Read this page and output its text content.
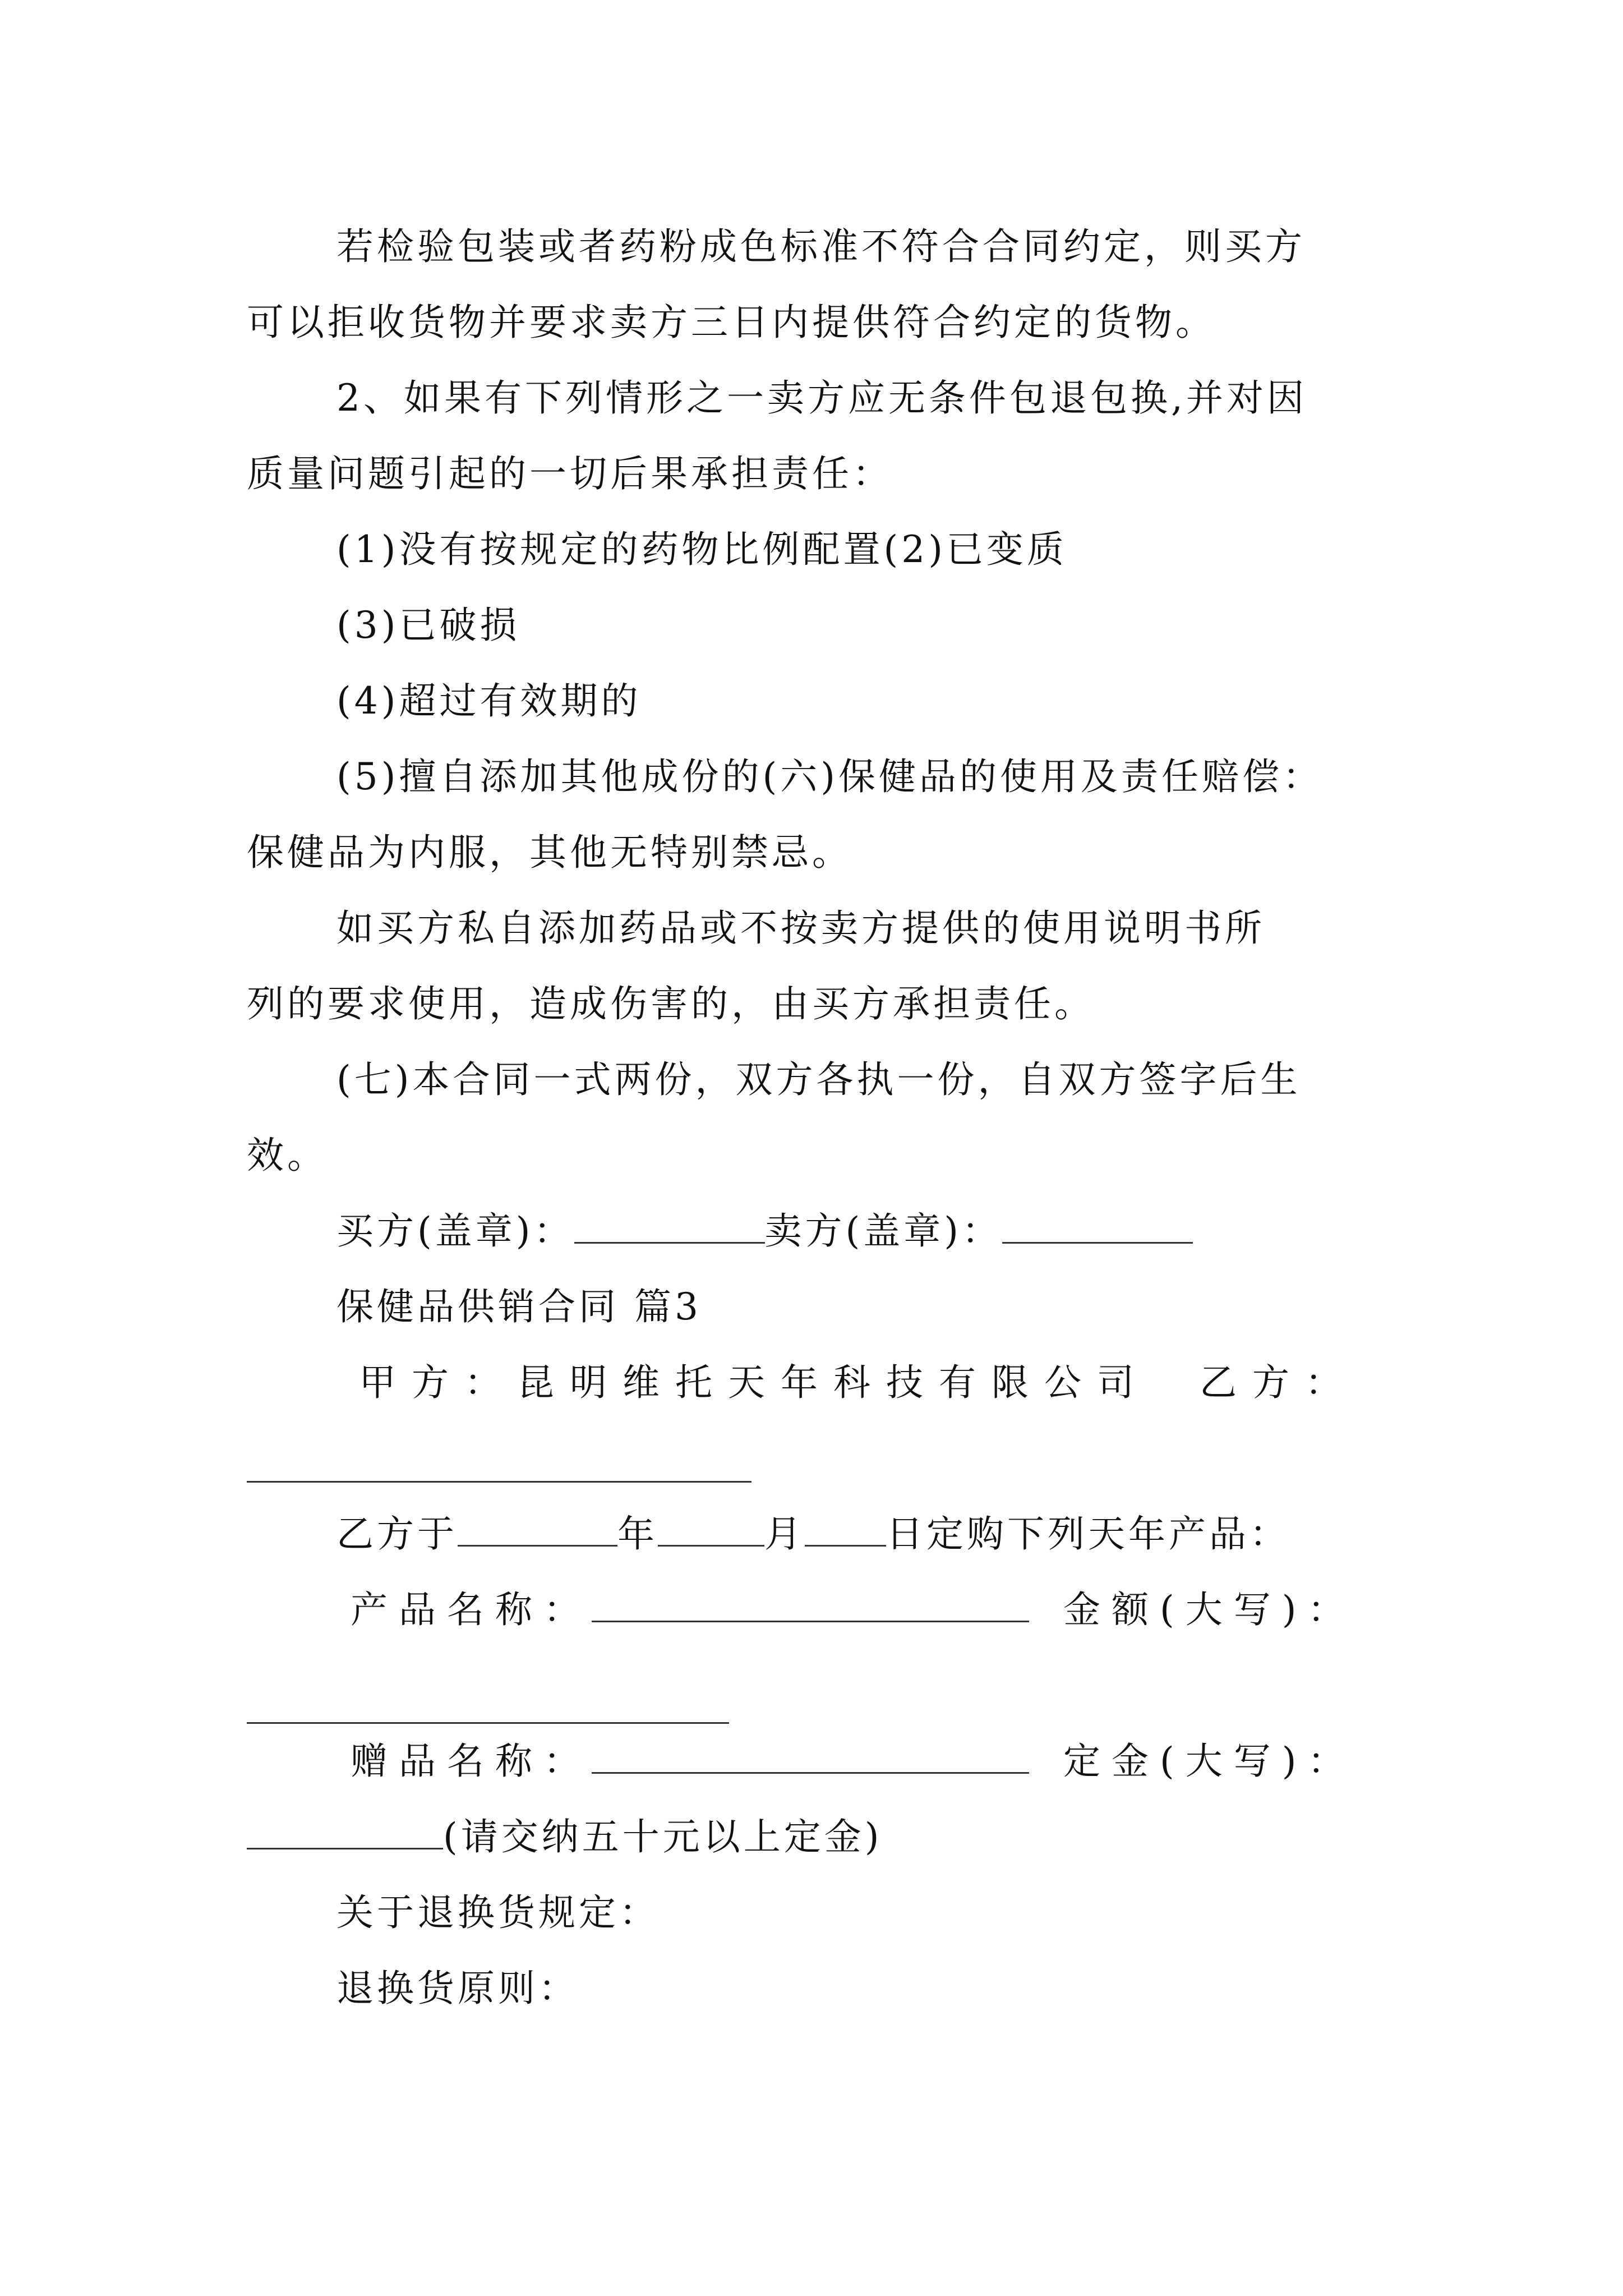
若检验包装或者药粉成色标准不符合合同约定，则买方
可以拒收货物并要求卖方三日内提供符合约定的货物。
2、如果有下列情形之一卖方应无条件包退包换,并对因
质量问题引起的一切后果承担责任：
(1)没有按规定的药物比例配置(2)已变质
(3)已破损
(4)超过有效期的
(5)擅自添加其他成份的(六)保健品的使用及责任赔偿：
保健品为内服，其他无特别禁忌。
如买方私自添加药品或不按卖方提供的使用说明书所
列的要求使用，造成伤害的，由买方承担责任。
(七)本合同一式两份，双方各执一份，自双方签字后生
效。
买方(盖章)：	卖方(盖章)：
保健品供销合同 篇3
甲方：昆明维托天年科技有限公司 乙方：
乙方于	年	月 日定购下列天年产品：
产品名称：	金额(大写)：
赠品名称：	定金(大写)：
(请交纳五十元以上定金)
关于退换货规定：
退换货原则：
